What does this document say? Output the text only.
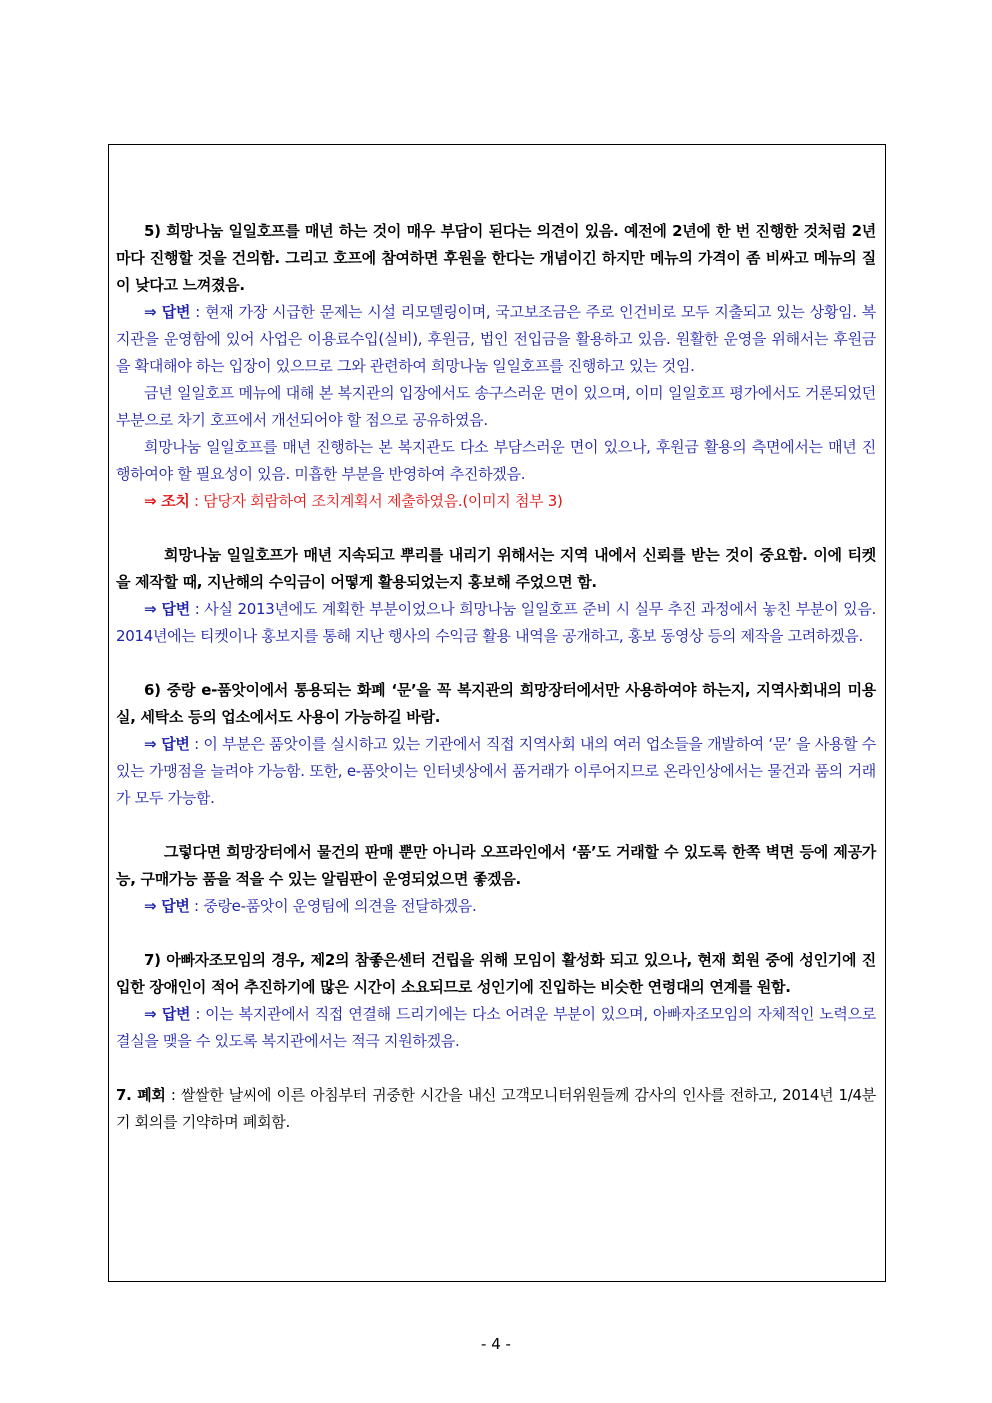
5) 희망나눔 일일호프를 매년 하는 것이 매우 부담이 된다는 의견이 있음. 예전에 2년에 한 번 진행한 것처럼 2년마다 진행할 것을 건의함. 그리고 호프에 참여하면 후원을 한다는 개념이긴 하지만 메뉴의 가격이 좀 비싸고 메뉴의 질이 낮다고 느껴졌음.

⇒ 답변 : 현재 가장 시급한 문제는 시설 리모델링이며, 국고보조금은 주로 인건비로 모두 지출되고 있는 상황임. 복지관을 운영함에 있어 사업은 이용료수입(실비), 후원금, 법인 전입금을 활용하고 있음. 원활한 운영을 위해서는 후원금을 확대해야 하는 입장이 있으므로 그와 관련하여 희망나눔 일일호프를 진행하고 있는 것임.

금년 일일호프 메뉴에 대해 본 복지관의 입장에서도 송구스러운 면이 있으며, 이미 일일호프 평가에서도 거론되었던 부분으로 차기 호프에서 개선되어야 할 점으로 공유하였음.

희망나눔 일일호프를 매년 진행하는 본 복지관도 다소 부담스러운 면이 있으나, 후원금 활용의 측면에서는 매년 진행하여야 할 필요성이 있음. 미흡한 부분을 반영하여 추진하겠음.

⇒ 조치 : 담당자 회람하여 조치계획서 제출하였음.(이미지 첨부 3)

희망나눔 일일호프가 매년 지속되고 뿌리를 내리기 위해서는 지역 내에서 신뢰를 받는 것이 중요함. 이에 티켓을 제작할 때, 지난해의 수익금이 어떻게 활용되었는지 홍보해 주었으면 함.

⇒ 답변 : 사실 2013년에도 계획한 부분이었으나 희망나눔 일일호프 준비 시 실무 추진 과정에서 놓친 부분이 있음. 2014년에는 티켓이나 홍보지를 통해 지난 행사의 수익금 활용 내역을 공개하고, 홍보 동영상 등의 제작을 고려하겠음.

6) 중랑 e-품앗이에서 통용되는 화폐 ‘문’을 꼭 복지관의 희망장터에서만 사용하여야 하는지, 지역사회내의 미용실, 세탁소 등의 업소에서도 사용이 가능하길 바람.

⇒ 답변 : 이 부분은 품앗이를 실시하고 있는 기관에서 직접 지역사회 내의 여러 업소들을 개발하여 ‘문’ 을 사용할 수 있는 가맹점을 늘려야 가능함. 또한, e-품앗이는 인터넷상에서 품거래가 이루어지므로 온라인상에서는 물건과 품의 거래가 모두 가능함.

그렇다면 희망장터에서 물건의 판매 뿐만 아니라 오프라인에서 ‘품’도 거래할 수 있도록 한쪽 벽면 등에 제공가능, 구매가능 품을 적을 수 있는 알림판이 운영되었으면 좋겠음.

⇒ 답변 : 중랑e-품앗이 운영팀에 의견을 전달하겠음.

7) 아빠자조모임의 경우, 제2의 참좋은센터 건립을 위해 모임이 활성화 되고 있으나, 현재 회원 중에 성인기에 진입한 장애인이 적어 추진하기에 많은 시간이 소요되므로 성인기에 진입하는 비슷한 연령대의 연계를 원함.

⇒ 답변 : 이는 복지관에서 직접 연결해 드리기에는 다소 어려운 부분이 있으며, 아빠자조모임의 자체적인 노력으로 결실을 맺을 수 있도록 복지관에서는 적극 지원하겠음.

7. 폐회 : 쌀쌀한 날씨에 이른 아침부터 귀중한 시간을 내신 고객모니터위원들께 감사의 인사를 전하고, 2014년 1/4분기 회의를 기약하며 폐회함.

- 4 -
